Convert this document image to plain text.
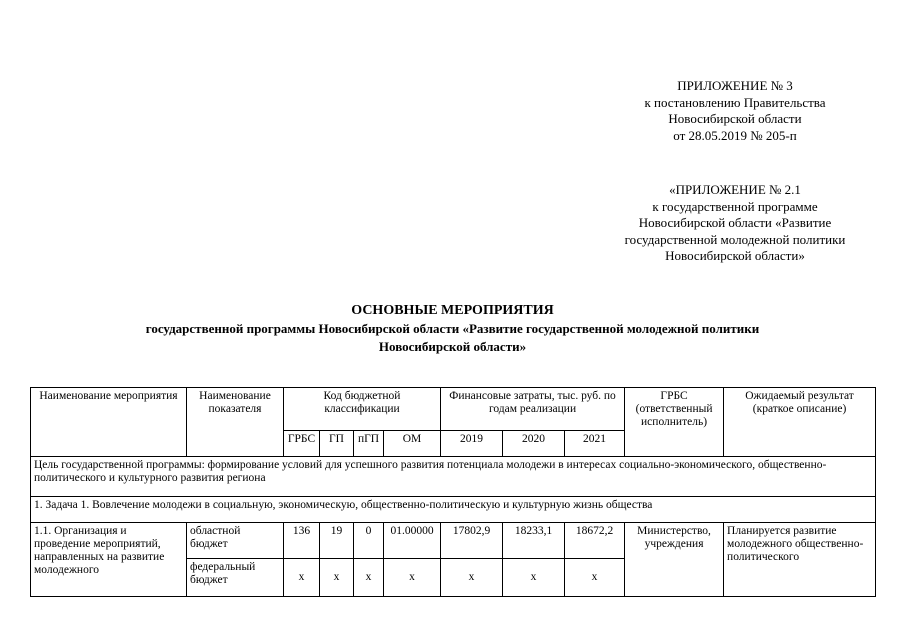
ПРИЛОЖЕНИЕ № 3
к постановлению Правительства
Новосибирской области
от 28.05.2019 № 205-п
«ПРИЛОЖЕНИЕ № 2.1
к государственной программе
Новосибирской области «Развитие
государственной молодежной политики
Новосибирской области»
ОСНОВНЫЕ МЕРОПРИЯТИЯ
государственной программы Новосибирской области «Развитие государственной молодежной политики
Новосибирской области»
Наименование мероприятия	Наименование показателя	Код бюджетной классификации				Финансовые затраты, тыс. руб. по годам реализации			ГРБС (ответственный исполнитель)	Ожидаемый результат (краткое описание)
		ГРБС	ГП	пГП	ОМ	2019	2020	2021		
Цель государственной программы: формирование условий для успешного развития потенциала молодежи в интересах социально-экономического, общественно-политического и культурного развития региона										
1. Задача 1. Вовлечение молодежи в социальную, экономическую, общественно-политическую и культурную жизнь общества										
1.1. Организация и проведение мероприятий, направленных на развитие молодежного	областной бюджет	136	19	0	01.00000	17802,9	18233,1	18672,2	Министерство, учреждения	Планируется развитие молодежного общественно-политического
	федеральный бюджет	х	х	х	х	х	х	х		
